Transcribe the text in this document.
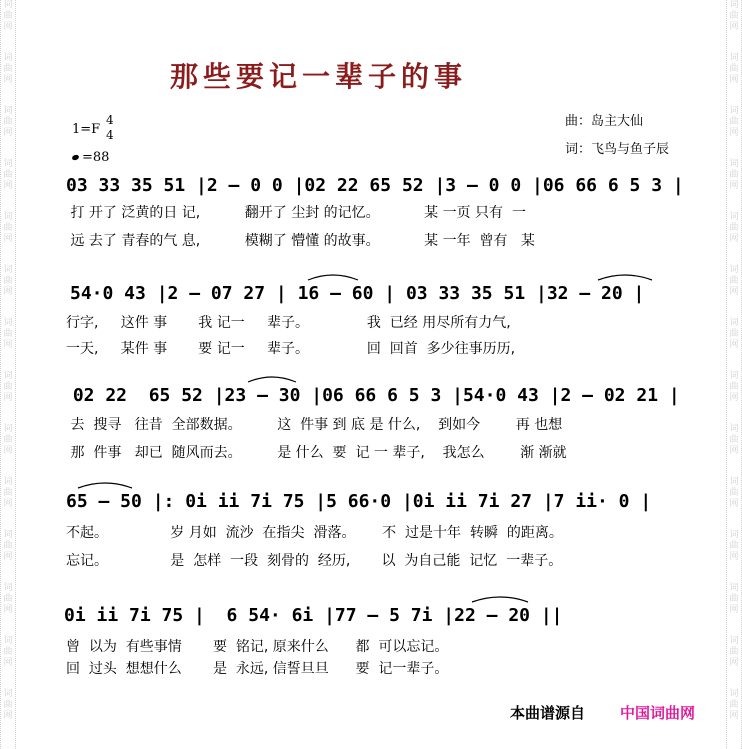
词
曲
网
词
曲
网
词
曲
网
词
曲
网
词
曲
网
词
曲
网
词
曲
网
词
曲
网
词
曲
网
词
曲
网
词
曲
网
词
曲
网
词
曲
网
词
曲
网
词
曲
网
词
曲
网
词
曲
网
词
曲
网
词
曲
网
词
曲
网
词
曲
网
词
曲
网
词
曲
网
词
曲
网
词
曲
网
词
曲
网
词
曲
网
词
曲
网
那些要记一辈子的事
曲：岛主大仙
词：飞鸟与鱼子辰
1=F
4
4
=88
03 33 35 51 |2 – 0 0 |02 22 65 52 |3 – 0 0 |06 66 6 5 3 |
打 开了 泛黄的日 记,          翻开了 尘封 的记忆。          某 一页 只有  一
远 去了 青春的气 息,          模糊了 懵懂 的故事。          某 一年  曾有   某
54·0 43 |2 – 07 27 | 16 – 60 | 03 33 35 51 |32 – 20 |
行字,     这件 事       我 记一     辈子。             我  已经 用尽所有力气,
一天,     某件 事       要 记一     辈子。             回  回首  多少往事历历,
02 22  65 52 |23 – 30 |06 66 6 5 3 |54·0 43 |2 – 02 21 |
去  搜寻   往昔  全部数据。        这  件事 到 底 是 什么,    到如今        再 也想
那  件事   却已  随风而去。        是 什么  要  记 一 辈子,    我怎么        渐 渐就
65 – 50 |: 0i ii 7i 75 |5 66·0 |0i ii 7i 27 |7 ii· 0 |
不起。              岁 月如  流沙  在指尖  滑落。      不  过是十年  转瞬  的距离。
忘记。              是  怎样  一段  刻骨的  经历,       以  为自己能  记忆  一辈子。
0i ii 7i 75 |  6 54· 6i |77 – 5 7i |22 – 20 ||
曾  以为  有些事情       要  铭记, 原来什么      都  可以忘记。
回  过头  想想什么       是  永远, 信誓旦旦      要  记一辈子。
本曲谱源自 中国词曲网
